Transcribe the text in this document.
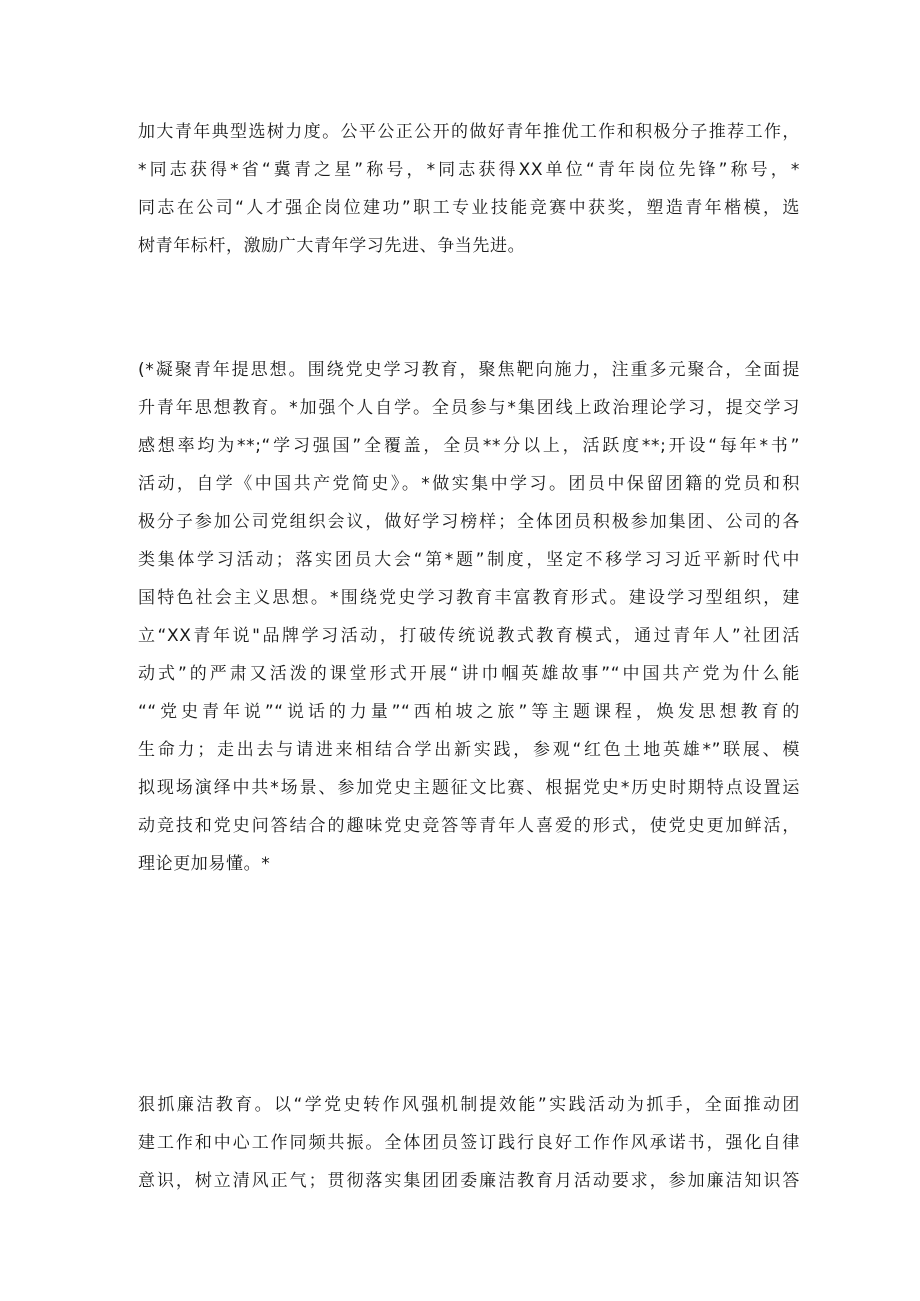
加大青年典型选树力度。公平公正公开的做好青年推优工作和积极分子推荐工作，
*同志获得*省“冀青之星”称号，*同志获得XX单位“青年岗位先锋”称号，*
同志在公司“人才强企岗位建功”职工专业技能竞赛中获奖，塑造青年楷模，选
树青年标杆，激励广大青年学习先进、争当先进。
(*凝聚青年提思想。围绕党史学习教育，聚焦靶向施力，注重多元聚合，全面提
升青年思想教育。*加强个人自学。全员参与*集团线上政治理论学习，提交学习
感想率均为**;“学习强国”全覆盖，全员**分以上，活跃度**;开设“每年*书”
活动，自学《中国共产党简史》。*做实集中学习。团员中保留团籍的党员和积
极分子参加公司党组织会议，做好学习榜样；全体团员积极参加集团、公司的各
类集体学习活动；落实团员大会“第*题”制度，坚定不移学习习近平新时代中
国特色社会主义思想。*围绕党史学习教育丰富教育形式。建设学习型组织，建
立“XX青年说"品牌学习活动，打破传统说教式教育模式，通过青年人”社团活
动式”的严肃又活泼的课堂形式开展“讲巾帼英雄故事”“中国共产党为什么能
““党史青年说”“说话的力量”“西柏坡之旅”等主题课程，焕发思想教育的
生命力；走出去与请进来相结合学出新实践，参观“红色土地英雄*”联展、模
拟现场演绎中共*场景、参加党史主题征文比赛、根据党史*历史时期特点设置运
动竞技和党史问答结合的趣味党史竞答等青年人喜爱的形式，使党史更加鲜活，
理论更加易懂。*
狠抓廉洁教育。以“学党史转作风强机制提效能”实践活动为抓手，全面推动团
建工作和中心工作同频共振。全体团员签订践行良好工作作风承诺书，强化自律
意识，树立清风正气；贯彻落实集团团委廉洁教育月活动要求，参加廉洁知识答
